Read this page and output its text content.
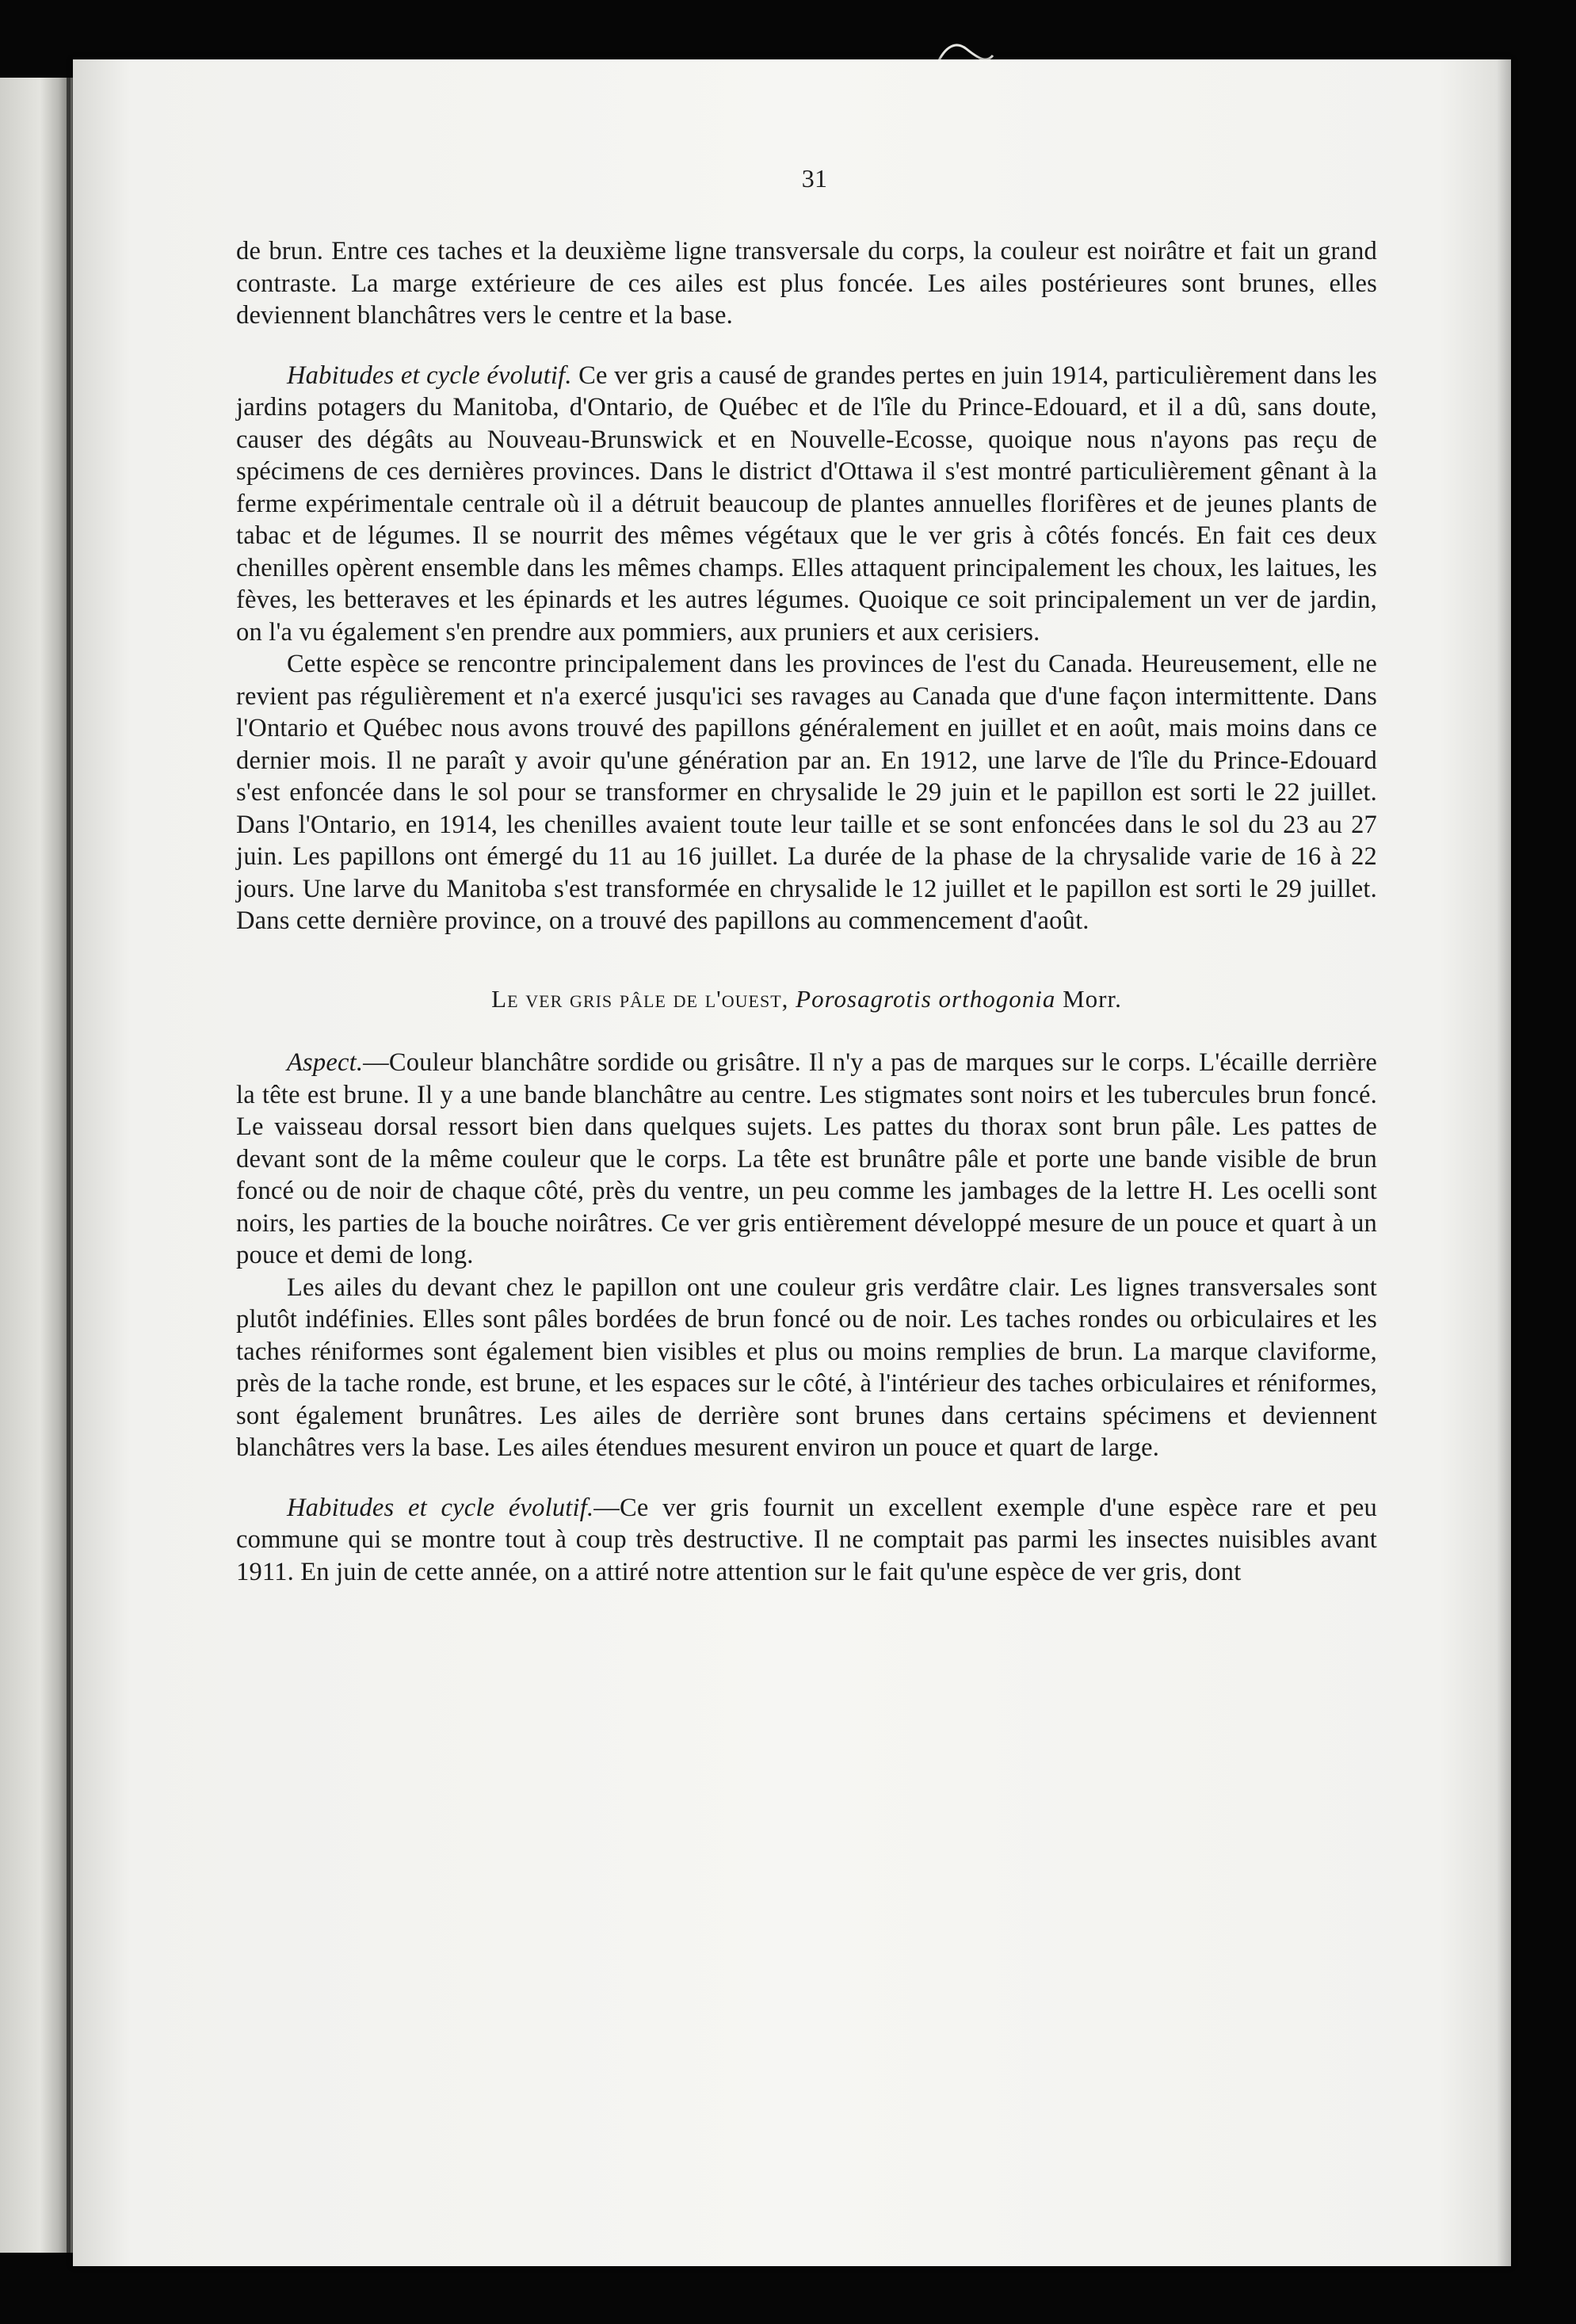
31

de brun. Entre ces taches et la deuxième ligne transversale du corps, la couleur est noirâtre et fait un grand contraste. La marge extérieure de ces ailes est plus foncée. Les ailes postérieures sont brunes, elles deviennent blanchâtres vers le centre et la base.

Habitudes et cycle évolutif. Ce ver gris a causé de grandes pertes en juin 1914, particulièrement dans les jardins potagers du Manitoba, d'Ontario, de Québec et de l'île du Prince-Edouard, et il a dû, sans doute, causer des dégâts au Nouveau-Brunswick et en Nouvelle-Ecosse, quoique nous n'ayons pas reçu de spécimens de ces dernières provinces. Dans le district d'Ottawa il s'est montré particulièrement gênant à la ferme expérimentale centrale où il a détruit beaucoup de plantes annuelles florifères et de jeunes plants de tabac et de légumes. Il se nourrit des mêmes végétaux que le ver gris à côtés foncés. En fait ces deux chenilles opèrent ensemble dans les mêmes champs. Elles attaquent principalement les choux, les laitues, les fèves, les betteraves et les épinards et les autres légumes. Quoique ce soit principalement un ver de jardin, on l'a vu également s'en prendre aux pommiers, aux pruniers et aux cerisiers.

Cette espèce se rencontre principalement dans les provinces de l'est du Canada. Heureusement, elle ne revient pas régulièrement et n'a exercé jusqu'ici ses ravages au Canada que d'une façon intermittente. Dans l'Ontario et Québec nous avons trouvé des papillons généralement en juillet et en août, mais moins dans ce dernier mois. Il ne paraît y avoir qu'une génération par an. En 1912, une larve de l'île du Prince-Edouard s'est enfoncée dans le sol pour se transformer en chrysalide le 29 juin et le papillon est sorti le 22 juillet. Dans l'Ontario, en 1914, les chenilles avaient toute leur taille et se sont enfoncées dans le sol du 23 au 27 juin. Les papillons ont émergé du 11 au 16 juillet. La durée de la phase de la chrysalide varie de 16 à 22 jours. Une larve du Manitoba s'est transformée en chrysalide le 12 juillet et le papillon est sorti le 29 juillet. Dans cette dernière province, on a trouvé des papillons au commencement d'août.

Le ver gris pâle de l'ouest, Porosagrotis orthogonia Morr.

Aspect.—Couleur blanchâtre sordide ou grisâtre. Il n'y a pas de marques sur le corps. L'écaille derrière la tête est brune. Il y a une bande blanchâtre au centre. Les stigmates sont noirs et les tubercules brun foncé. Le vaisseau dorsal ressort bien dans quelques sujets. Les pattes du thorax sont brun pâle. Les pattes de devant sont de la même couleur que le corps. La tête est brunâtre pâle et porte une bande visible de brun foncé ou de noir de chaque côté, près du ventre, un peu comme les jambages de la lettre H. Les ocelli sont noirs, les parties de la bouche noirâtres. Ce ver gris entièrement développé mesure de un pouce et quart à un pouce et demi de long.

Les ailes du devant chez le papillon ont une couleur gris verdâtre clair. Les lignes transversales sont plutôt indéfinies. Elles sont pâles bordées de brun foncé ou de noir. Les taches rondes ou orbiculaires et les taches réniformes sont également bien visibles et plus ou moins remplies de brun. La marque claviforme, près de la tache ronde, est brune, et les espaces sur le côté, à l'intérieur des taches orbiculaires et réniformes, sont également brunâtres. Les ailes de derrière sont brunes dans certains spécimens et deviennent blanchâtres vers la base. Les ailes étendues mesurent environ un pouce et quart de large.

Habitudes et cycle évolutif.—Ce ver gris fournit un excellent exemple d'une espèce rare et peu commune qui se montre tout à coup très destructive. Il ne comptait pas parmi les insectes nuisibles avant 1911. En juin de cette année, on a attiré notre attention sur le fait qu'une espèce de ver gris, dont
